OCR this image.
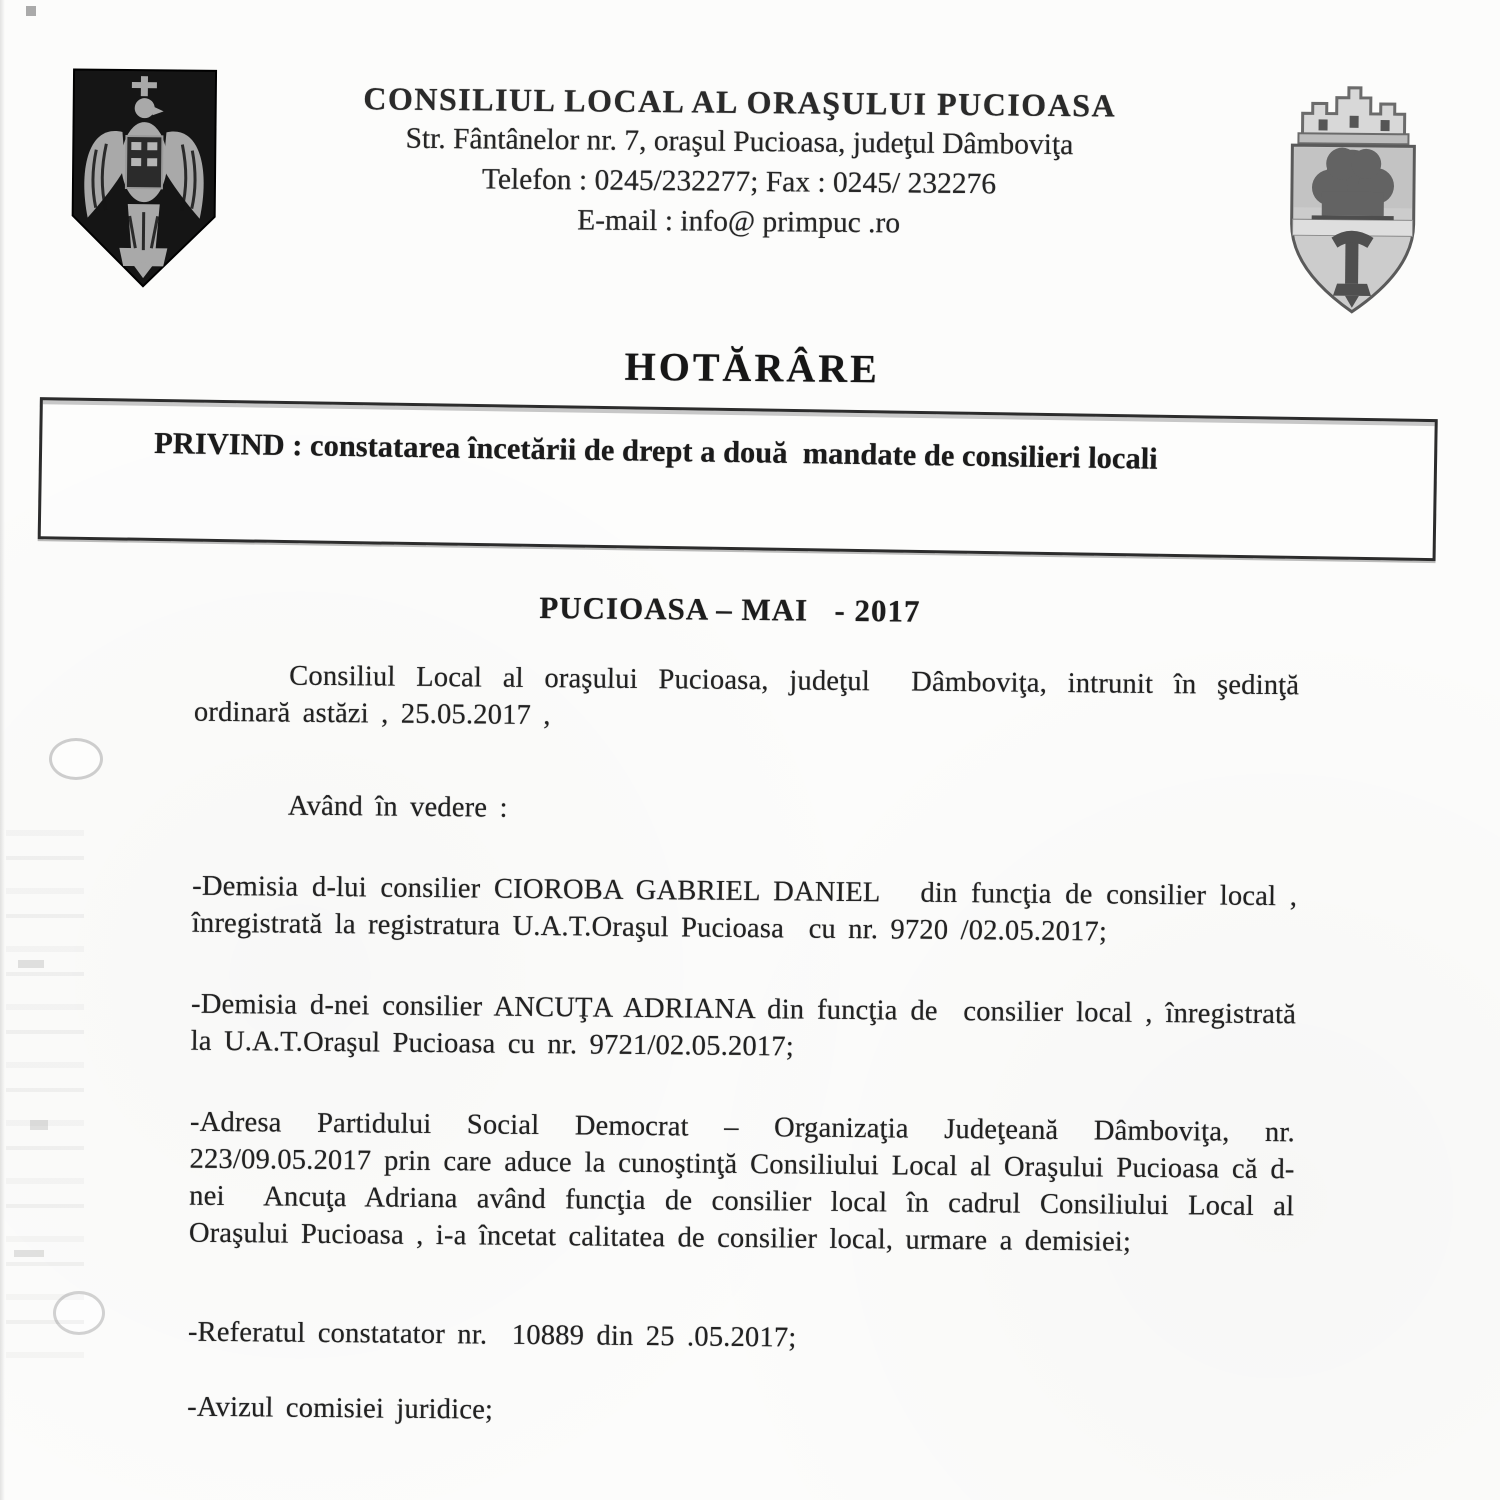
CONSILIUL LOCAL AL ORAŞULUI PUCIOASA
Str. Fântânelor nr. 7, oraşul Pucioasa, judeţul Dâmboviţa
Telefon : 0245/232277; Fax : 0245/ 232276
E-mail : info@ primpuc .ro
HOTĂRÂRE
PRIVIND : constatarea încetării de drept a două  mandate de consilieri locali
PUCIOASA – MAI   - 2017

Consiliul Local al oraşului Pucioasa, judeţul  Dâmboviţa, intrunit în şedinţă ordinară astăzi , 25.05.2017 ,

Având în vedere :

-Demisia d-lui consilier CIOROBA GABRIEL DANIEL   din funcţia de consilier local , înregistrată la registratura U.A.T.Oraşul Pucioasa  cu nr. 9720 /02.05.2017;

-Demisia d-nei consilier ANCUŢA ADRIANA din funcţia de  consilier local , înregistrată la U.A.T.Oraşul Pucioasa cu nr. 9721/02.05.2017;

-Adresa Partidului Social Democrat – Organizaţia Judeţeană Dâmboviţa, nr. 223/09.05.2017 prin care aduce la cunoştinţă Consiliului Local al Oraşului Pucioasa că d-nei  Ancuţa Adriana având funcţia de consilier local în cadrul Consiliului Local al Oraşului Pucioasa , i-a încetat calitatea de consilier local, urmare a demisiei;

-Referatul constatator nr.  10889 din 25 .05.2017;

-Avizul comisiei juridice;
